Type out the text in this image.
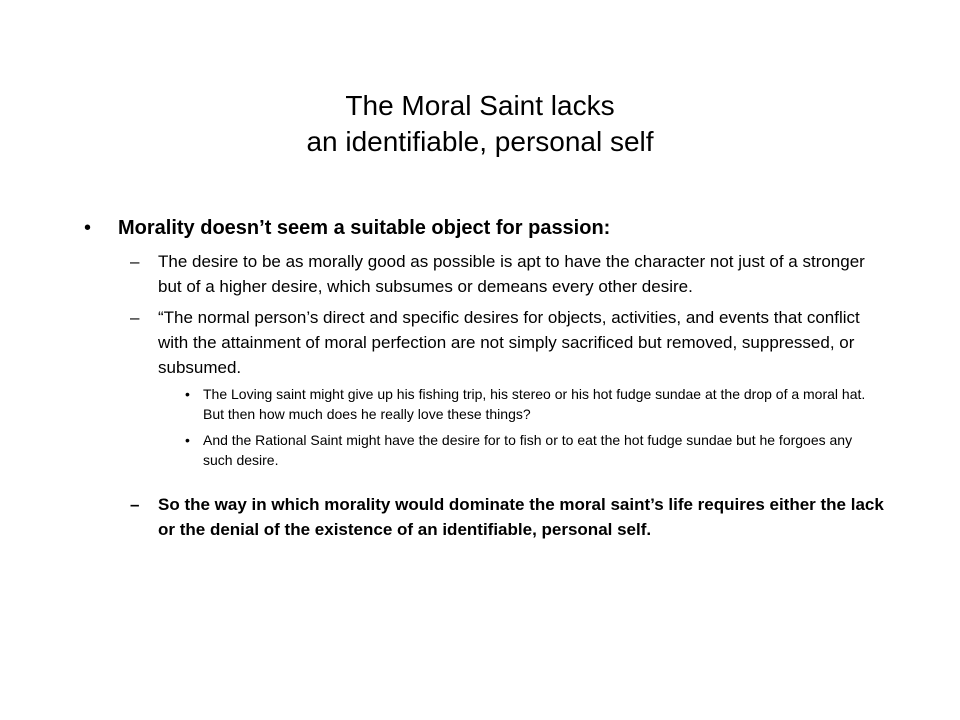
The Moral Saint lacks
an identifiable, personal self
•	Morality doesn’t seem a suitable object for passion:
–	The desire to be as morally good as possible is apt to have the character not just of a stronger but of a higher desire, which subsumes or demeans every other desire.
–	“The normal person’s direct and specific desires for objects, activities, and events that conflict with the attainment of moral perfection are not simply sacrificed but removed, suppressed, or subsumed.
• The Loving saint might give up his fishing trip, his stereo or his hot fudge sundae at the drop of a moral hat. But then how much does he really love these things?
• And the Rational Saint might have the desire for to fish or to eat the hot fudge sundae but he forgoes any such desire.
–	So the way in which morality would dominate the moral saint’s life requires either the lack or the denial of the existence of an identifiable, personal self.
